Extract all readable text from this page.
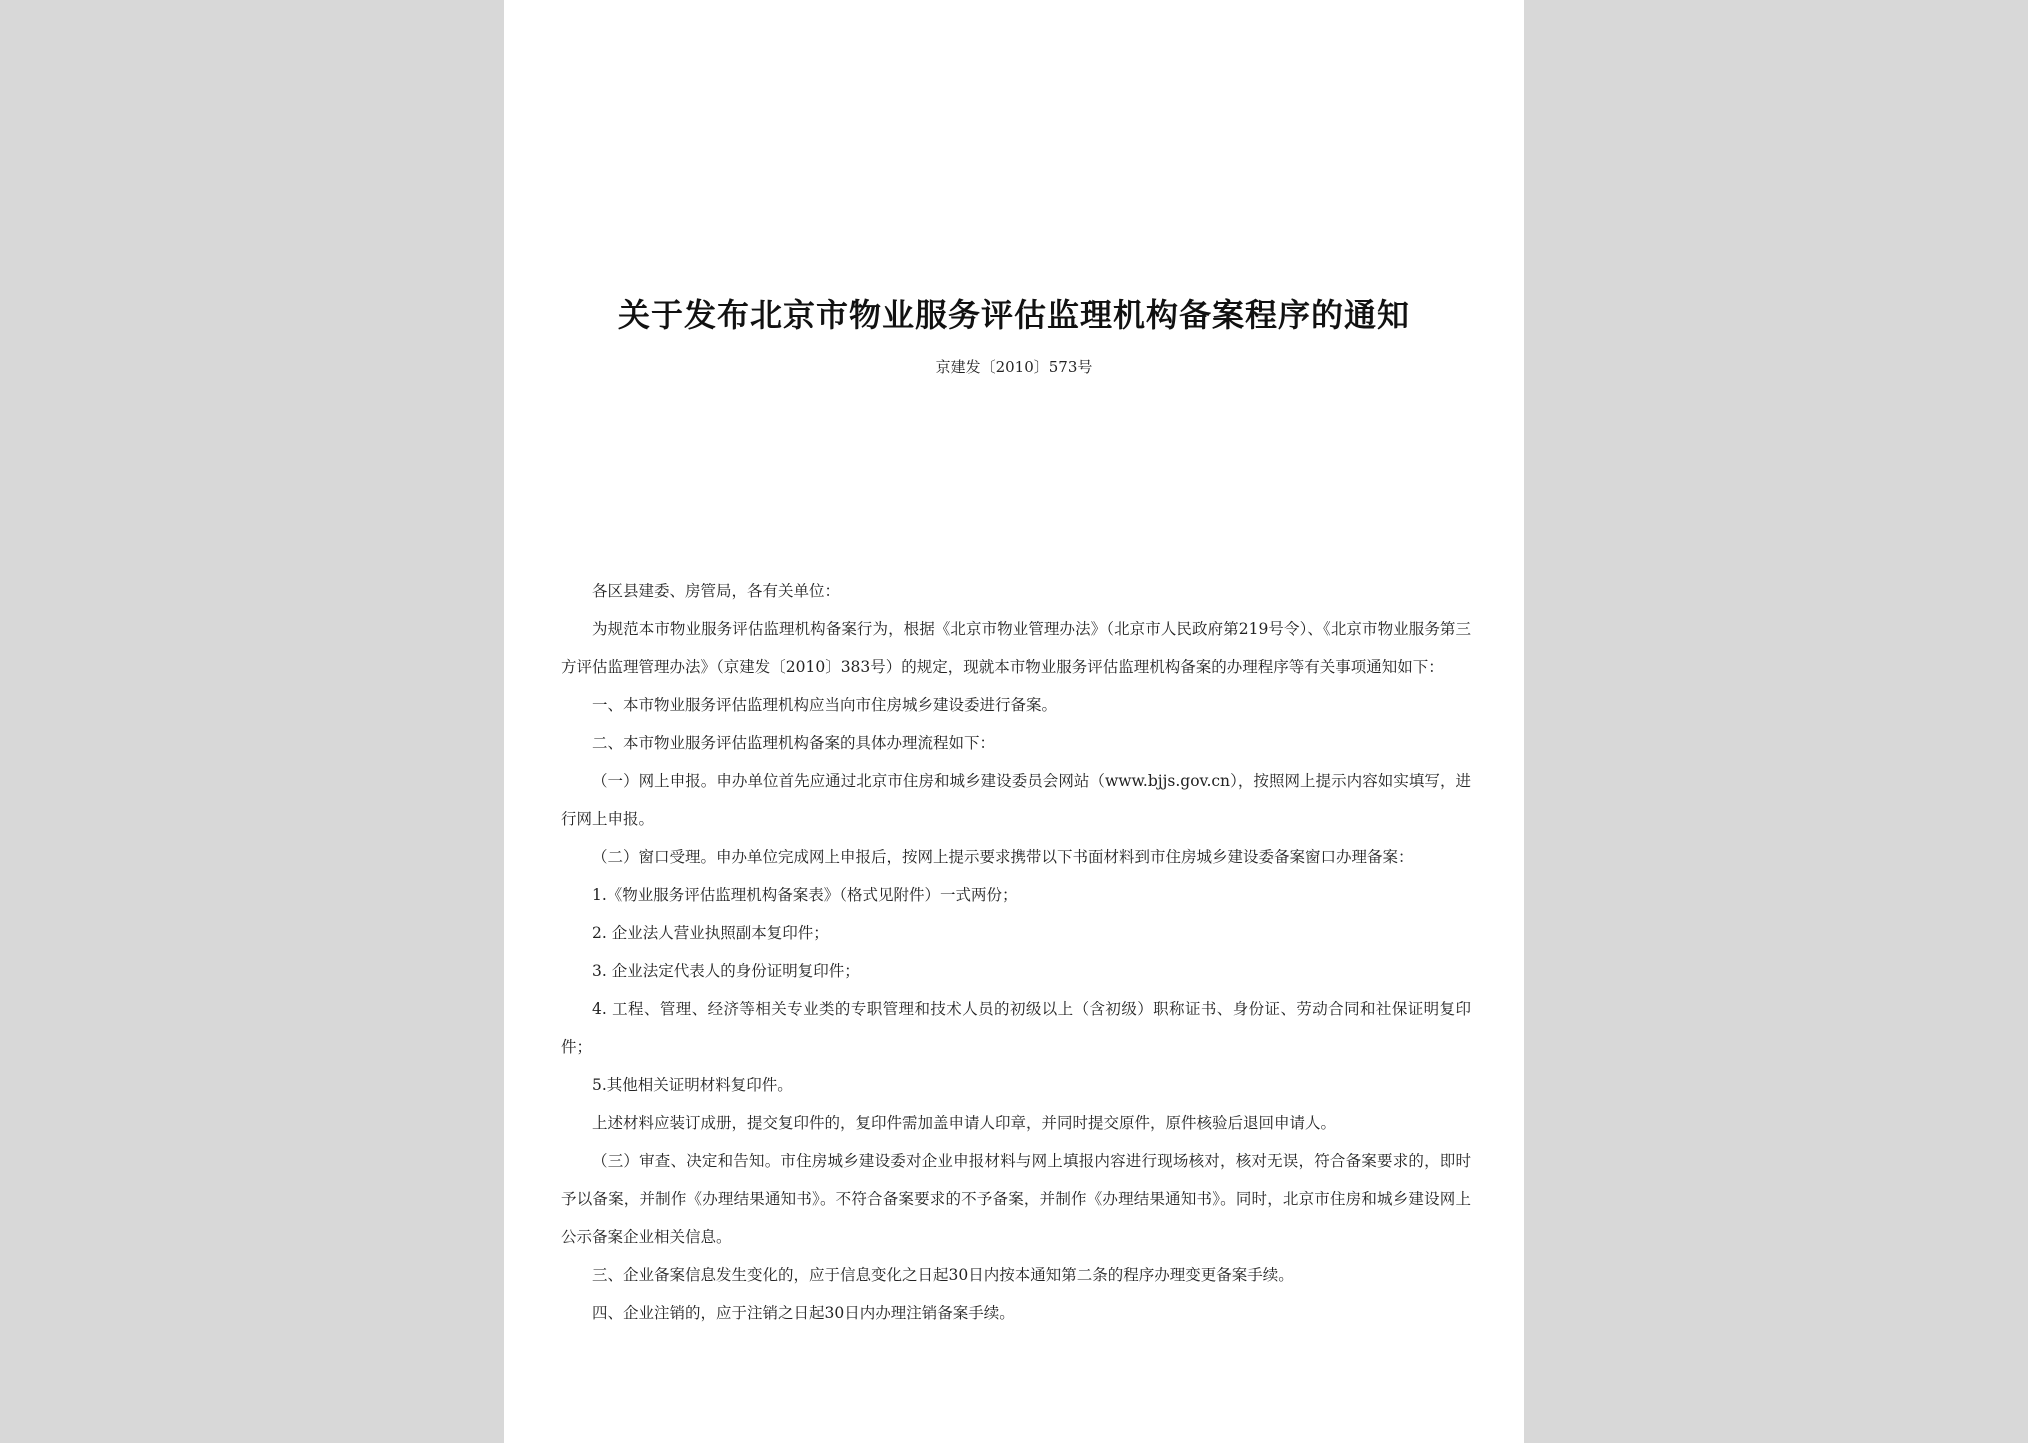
关于发布北京市物业服务评估监理机构备案程序的通知
京建发〔2010〕573号

各区县建委、房管局，各有关单位：

为规范本市物业服务评估监理机构备案行为，根据《北京市物业管理办法》（北京市人民政府第219号令）、《北京市物业服务第三方评估监理管理办法》（京建发〔2010〕383号）的规定，现就本市物业服务评估监理机构备案的办理程序等有关事项通知如下：

一、本市物业服务评估监理机构应当向市住房城乡建设委进行备案。

二、本市物业服务评估监理机构备案的具体办理流程如下：

（一）网上申报。申办单位首先应通过北京市住房和城乡建设委员会网站（www.bjjs.gov.cn），按照网上提示内容如实填写，进行网上申报。

（二）窗口受理。申办单位完成网上申报后，按网上提示要求携带以下书面材料到市住房城乡建设委备案窗口办理备案：

1.《物业服务评估监理机构备案表》（格式见附件）一式两份；

2. 企业法人营业执照副本复印件；

3. 企业法定代表人的身份证明复印件；

4. 工程、管理、经济等相关专业类的专职管理和技术人员的初级以上（含初级）职称证书、身份证、劳动合同和社保证明复印件；

5.其他相关证明材料复印件。

上述材料应装订成册，提交复印件的，复印件需加盖申请人印章，并同时提交原件，原件核验后退回申请人。

（三）审查、决定和告知。市住房城乡建设委对企业申报材料与网上填报内容进行现场核对，核对无误，符合备案要求的，即时予以备案，并制作《办理结果通知书》。不符合备案要求的不予备案，并制作《办理结果通知书》。同时，北京市住房和城乡建设网上公示备案企业相关信息。

三、企业备案信息发生变化的，应于信息变化之日起30日内按本通知第二条的程序办理变更备案手续。

四、企业注销的，应于注销之日起30日内办理注销备案手续。
